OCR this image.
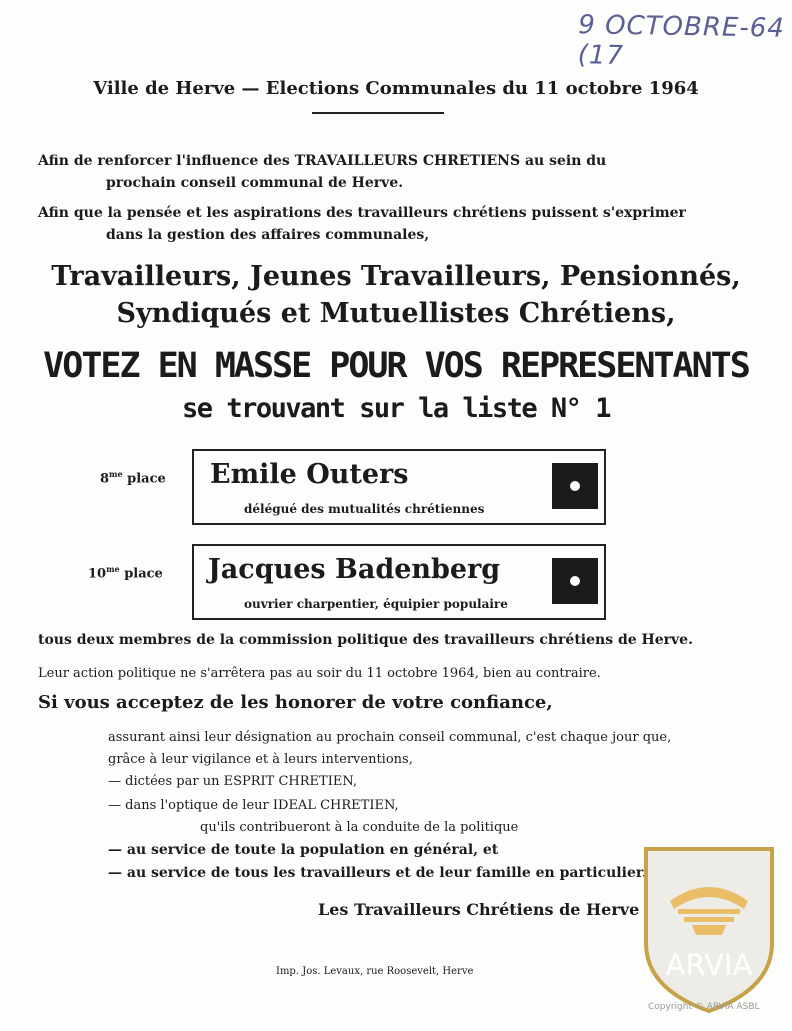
9 OCTOBRE-64 (17
Ville de Herve — Elections Communales du 11 octobre 1964
Afin de renforcer l'influence des TRAVAILLEURS CHRETIENS au sein du
prochain conseil communal de Herve.
Afin que la pensée et les aspirations des travailleurs chrétiens puissent s'exprimer
dans la gestion des affaires communales,
Travailleurs, Jeunes Travailleurs, Pensionnés,
Syndiqués et Mutuellistes Chrétiens,
VOTEZ EN MASSE POUR VOS REPRESENTANTS
se trouvant sur la liste N° 1
$8^{me}$ place Emile Outers
délégué des mutualités chrétiennes
$10^{me}$ place Jacques Badenberg
ouvrier charpentier, équipier populaire
tous deux membres de la commission politique des travailleurs chrétiens de Herve.
Leur action politique ne s'arrêtera pas au soir du 11 octobre 1964, bien au contraire.
Si vous acceptez de les honorer de votre confiance,
assurant ainsi leur désignation au prochain conseil communal, c'est chaque jour que,
grâce à leur vigilance et à leurs interventions,
— dictées par un ESPRIT CHRETIEN,
— dans l'optique de leur IDEAL CHRETIEN,
qu'ils contribueront à la conduite de la politique
— au service de toute la population en général, et
— au service de tous les travailleurs et de leur famille en particulier.
Les Travailleurs Chrétiens de Herve
Imp. Jos. Levaux, rue Roosevelt, Herve	ARVIA
Copyright © ARVIA ASBL
